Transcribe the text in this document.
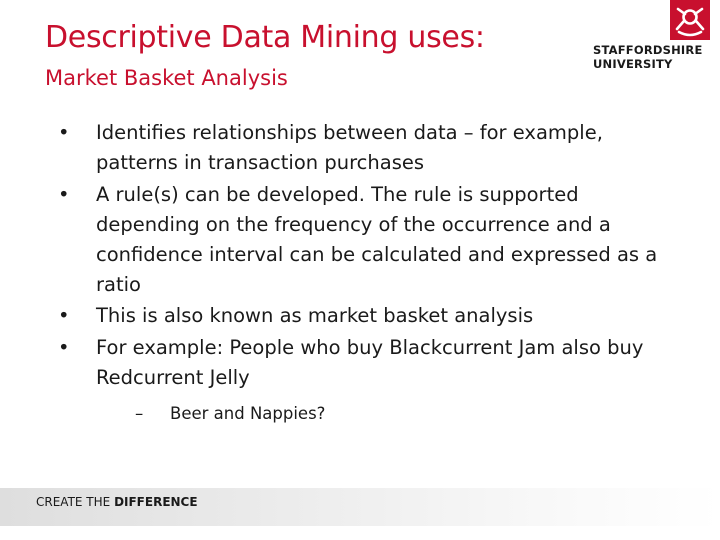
Descriptive Data Mining uses:
Market Basket Analysis
STAFFORDSHIRE
UNIVERSITY
• Identifies relationships between data – for example, patterns in transaction purchases
• A rule(s) can be developed. The rule is supported depending on the frequency of the occurrence and a confidence interval can be calculated and expressed as a ratio
• This is also known as market basket analysis
• For example: People who buy Blackcurrent Jam also buy Redcurrent Jelly
– Beer and Nappies?
CREATE THE DIFFERENCE
